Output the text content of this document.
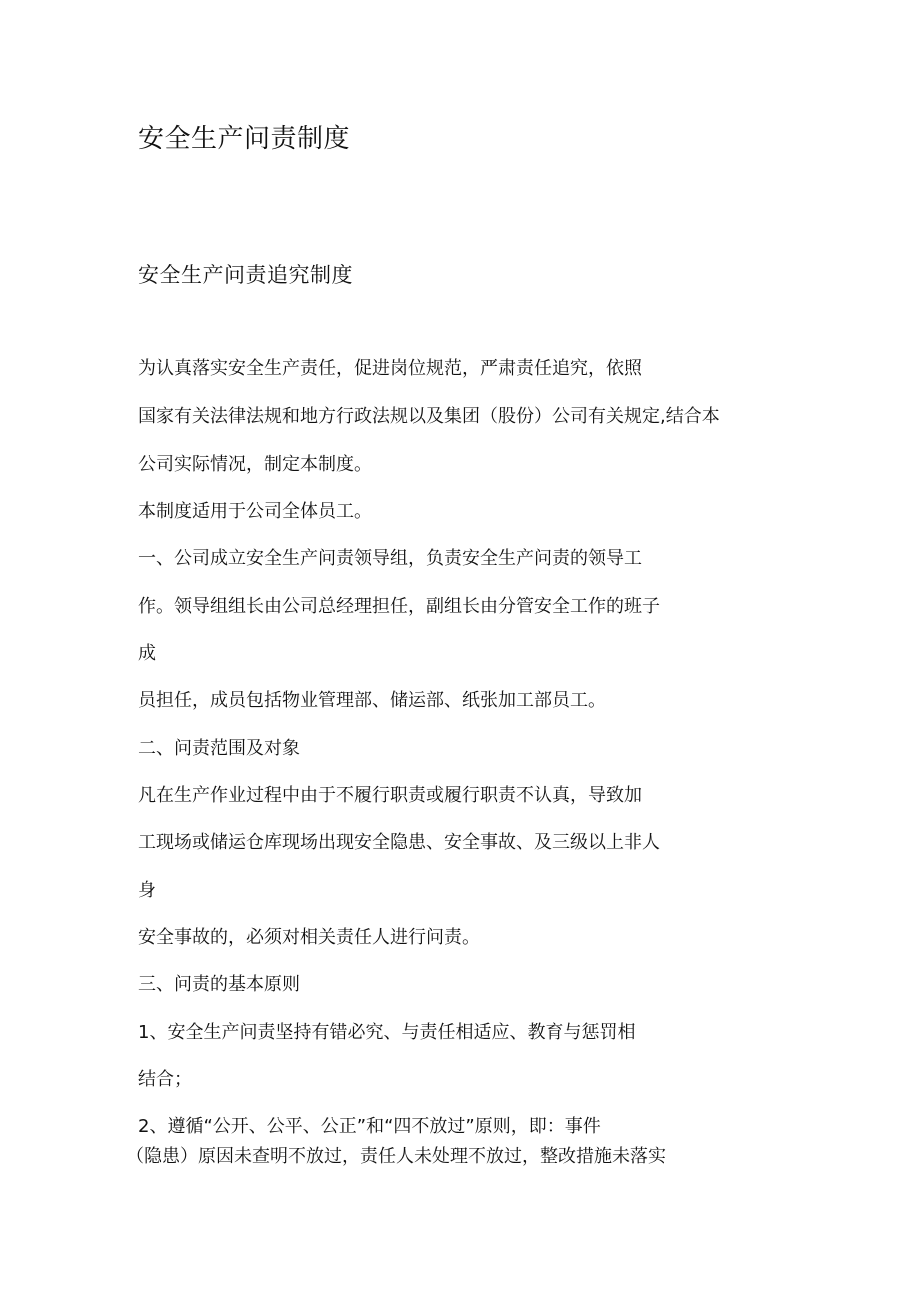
安全生产问责制度
安全生产问责追究制度

为认真落实安全生产责任，促进岗位规范，严肃责任追究，依照

国家有关法律法规和地方行政法规以及集团（股份）公司有关规定,结合本

公司实际情况，制定本制度。

本制度适用于公司全体员工。

一、公司成立安全生产问责领导组，负责安全生产问责的领导工

作。领导组组长由公司总经理担任，副组长由分管安全工作的班子

成

员担任，成员包括物业管理部、储运部、纸张加工部员工。

二、问责范围及对象

凡在生产作业过程中由于不履行职责或履行职责不认真，导致加

工现场或储运仓库现场出现安全隐患、安全事故、及三级以上非人

身

安全事故的，必须对相关责任人进行问责。

三、问责的基本原则

1、安全生产问责坚持有错必究、与责任相适应、教育与惩罚相

结合；

2、遵循“公开、公平、公正”和“四不放过”原则，即：事件

（隐患）原因未查明不放过，责任人未处理不放过，整改措施未落实
